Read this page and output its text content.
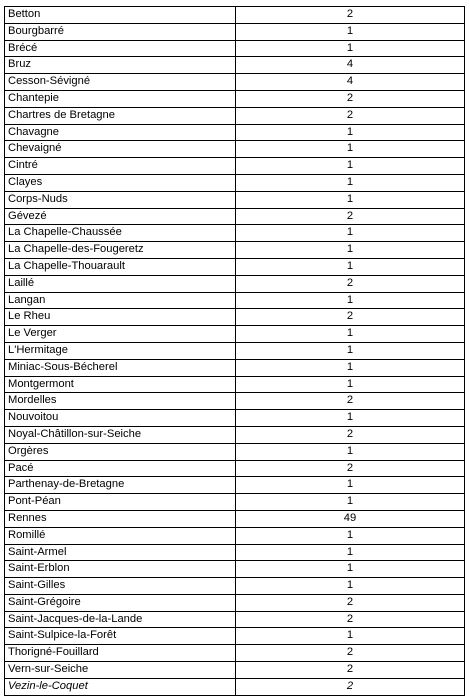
Betton	2
Bourgbarré	1
Brécé	1
Bruz	4
Cesson-Sévigné	4
Chantepie	2
Chartres de Bretagne	2
Chavagne	1
Chevaigné	1
Cintré	1
Clayes	1
Corps-Nuds	1
Gévezé	2
La Chapelle-Chaussée	1
La Chapelle-des-Fougeretz	1
La Chapelle-Thouarault	1
Laillé	2
Langan	1
Le Rheu	2
Le Verger	1
L'Hermitage	1
Miniac-Sous-Bécherel	1
Montgermont	1
Mordelles	2
Nouvoitou	1
Noyal-Châtillon-sur-Seiche	2
Orgères	1
Pacé	2
Parthenay-de-Bretagne	1
Pont-Péan	1
Rennes	49
Romillé	1
Saint-Armel	1
Saint-Erblon	1
Saint-Gilles	1
Saint-Grégoire	2
Saint-Jacques-de-la-Lande	2
Saint-Sulpice-la-Forêt	1
Thorigné-Fouillard	2
Vern-sur-Seiche	2
Vezin-le-Coquet	2
